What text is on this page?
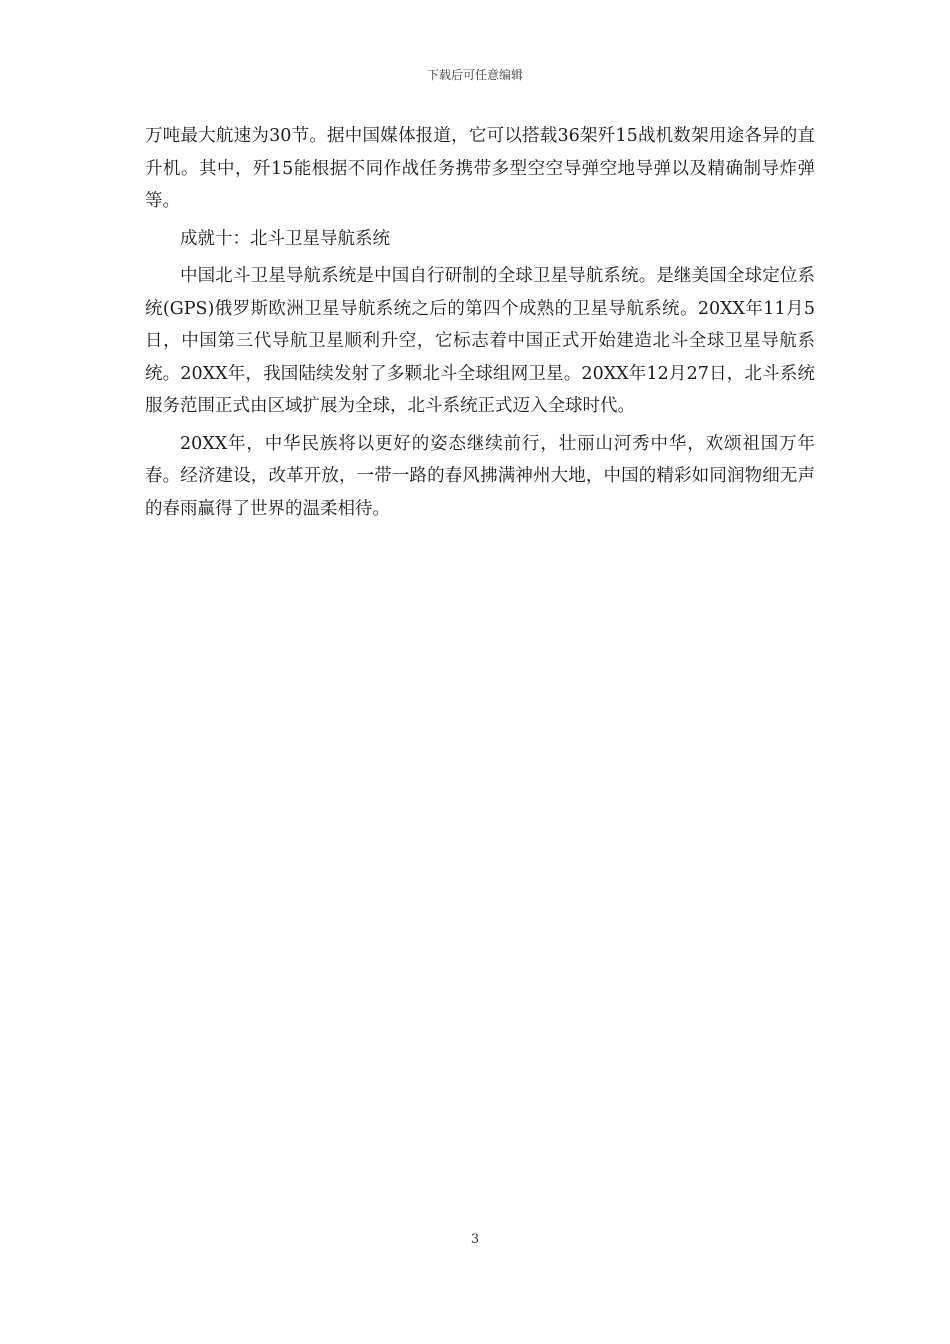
下载后可任意编辑

万吨最大航速为30节。据中国媒体报道，它可以搭载36架歼15战机数架用途各异的直升机。其中，歼15能根据不同作战任务携带多型空空导弹空地导弹以及精确制导炸弹等。

成就十：北斗卫星导航系统

中国北斗卫星导航系统是中国自行研制的全球卫星导航系统。是继美国全球定位系统(GPS)俄罗斯欧洲卫星导航系统之后的第四个成熟的卫星导航系统。20XX年11月5日，中国第三代导航卫星顺利升空，它标志着中国正式开始建造北斗全球卫星导航系统。20XX年，我国陆续发射了多颗北斗全球组网卫星。20XX年12月27日，北斗系统服务范围正式由区域扩展为全球，北斗系统正式迈入全球时代。

20XX年，中华民族将以更好的姿态继续前行，壮丽山河秀中华，欢颂祖国万年春。经济建设，改革开放，一带一路的春风拂满神州大地，中国的精彩如同润物细无声的春雨赢得了世界的温柔相待。

3
